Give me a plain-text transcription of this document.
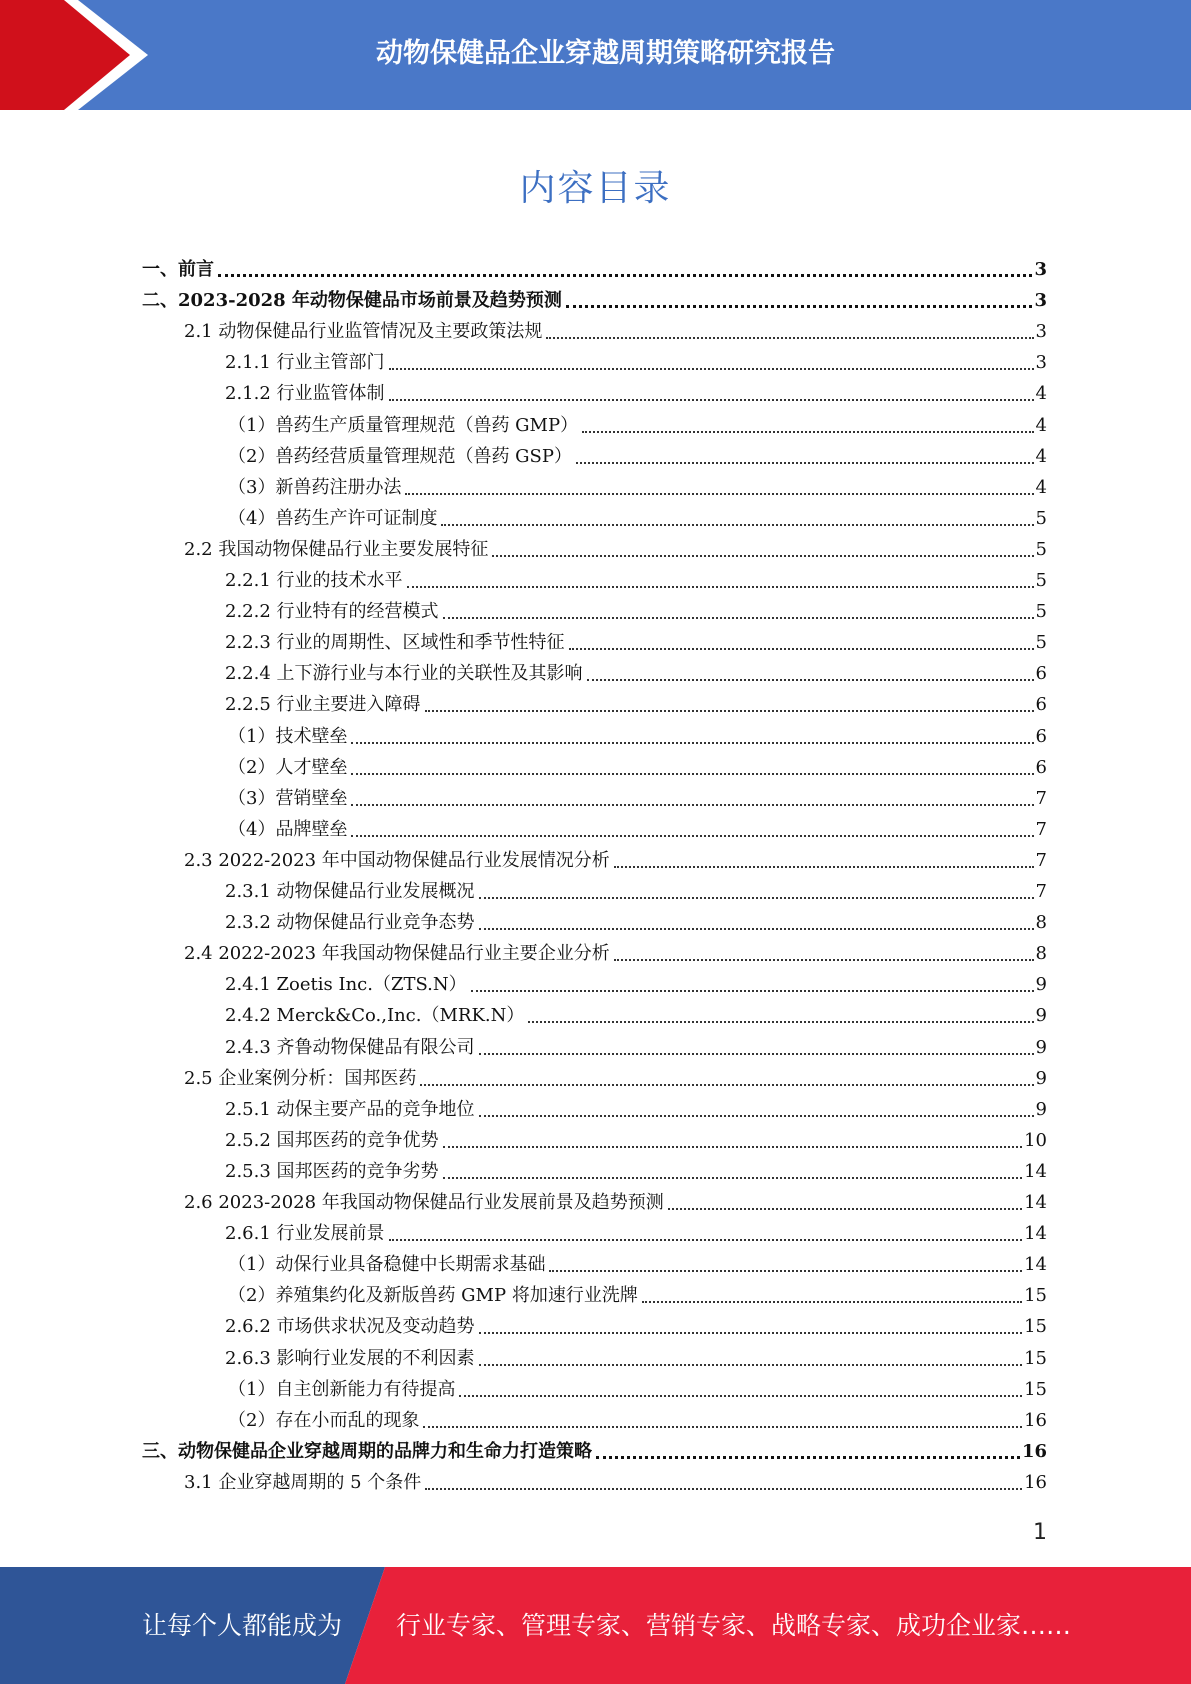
动物保健品企业穿越周期策略研究报告
内容目录
一、前言	3
二、2023-2028 年动物保健品市场前景及趋势预测	3
2.1 动物保健品行业监管情况及主要政策法规	3
2.1.1 行业主管部门	3
2.1.2 行业监管体制	4
（1）兽药生产质量管理规范（兽药 GMP）	4
（2）兽药经营质量管理规范（兽药 GSP）	4
（3）新兽药注册办法	4
（4）兽药生产许可证制度	5
2.2 我国动物保健品行业主要发展特征	5
2.2.1 行业的技术水平	5
2.2.2 行业特有的经营模式	5
2.2.3 行业的周期性、区域性和季节性特征	5
2.2.4 上下游行业与本行业的关联性及其影响	6
2.2.5 行业主要进入障碍	6
（1）技术壁垒	6
（2）人才壁垒	6
（3）营销壁垒	7
（4）品牌壁垒	7
2.3 2022-2023 年中国动物保健品行业发展情况分析	7
2.3.1 动物保健品行业发展概况	7
2.3.2 动物保健品行业竞争态势	8
2.4 2022-2023 年我国动物保健品行业主要企业分析	8
2.4.1 Zoetis Inc.（ZTS.N）	9
2.4.2 Merck&Co.,Inc.（MRK.N）	9
2.4.3 齐鲁动物保健品有限公司	9
2.5 企业案例分析：国邦医药	9
2.5.1 动保主要产品的竞争地位	9
2.5.2 国邦医药的竞争优势	10
2.5.3 国邦医药的竞争劣势	14
2.6 2023-2028 年我国动物保健品行业发展前景及趋势预测	14
2.6.1 行业发展前景	14
（1）动保行业具备稳健中长期需求基础	14
（2）养殖集约化及新版兽药 GMP 将加速行业洗牌	15
2.6.2 市场供求状况及变动趋势	15
2.6.3 影响行业发展的不利因素	15
（1）自主创新能力有待提高	15
（2）存在小而乱的现象	16
三、动物保健品企业穿越周期的品牌力和生命力打造策略	16
3.1 企业穿越周期的 5 个条件	16
1
让每个人都能成为 行业专家、管理专家、营销专家、战略专家、成功企业家……
